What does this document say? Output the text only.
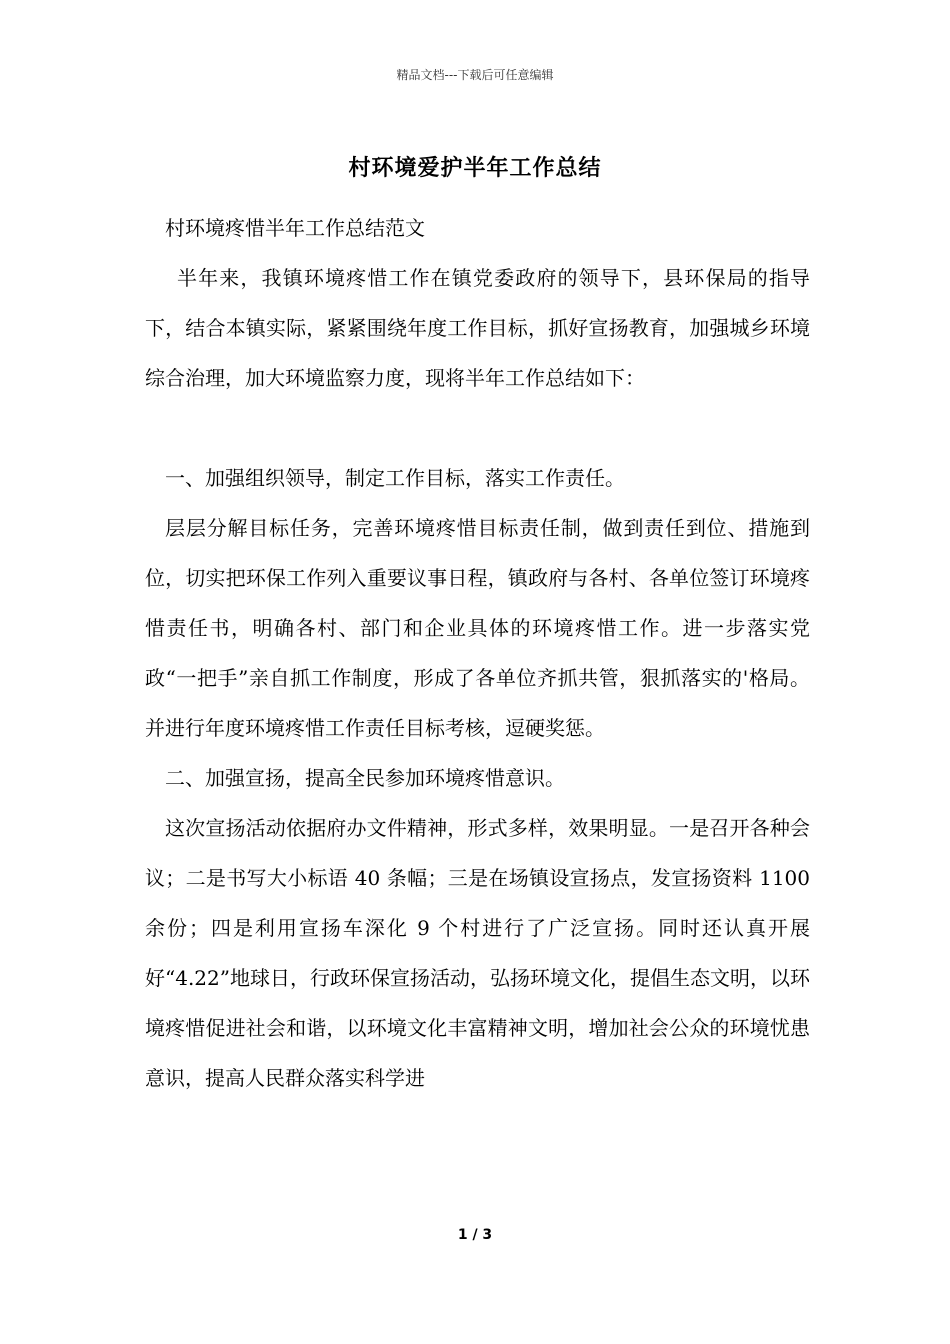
精品文档---下载后可任意编辑
村环境爱护半年工作总结

村环境疼惜半年工作总结范文

半年来，我镇环境疼惜工作在镇党委政府的领导下，县环保局的指导下，结合本镇实际，紧紧围绕年度工作目标，抓好宣扬教育，加强城乡环境综合治理，加大环境监察力度，现将半年工作总结如下：

一、加强组织领导，制定工作目标，落实工作责任。

层层分解目标任务，完善环境疼惜目标责任制，做到责任到位、措施到位，切实把环保工作列入重要议事日程，镇政府与各村、各单位签订环境疼惜责任书，明确各村、部门和企业具体的环境疼惜工作。进一步落实党政“一把手”亲自抓工作制度，形成了各单位齐抓共管，狠抓落实的'格局。并进行年度环境疼惜工作责任目标考核，逗硬奖惩。

二、加强宣扬，提高全民参加环境疼惜意识。

这次宣扬活动依据府办文件精神，形式多样，效果明显。一是召开各种会议；二是书写大小标语 40 条幅；三是在场镇设宣扬点，发宣扬资料 1100 余份；四是利用宣扬车深化 9 个村进行了广泛宣扬。同时还认真开展好“4.22”地球日，行政环保宣扬活动，弘扬环境文化，提倡生态文明，以环境疼惜促进社会和谐，以环境文化丰富精神文明，增加社会公众的环境忧患意识，提高人民群众落实科学进

1 / 3
